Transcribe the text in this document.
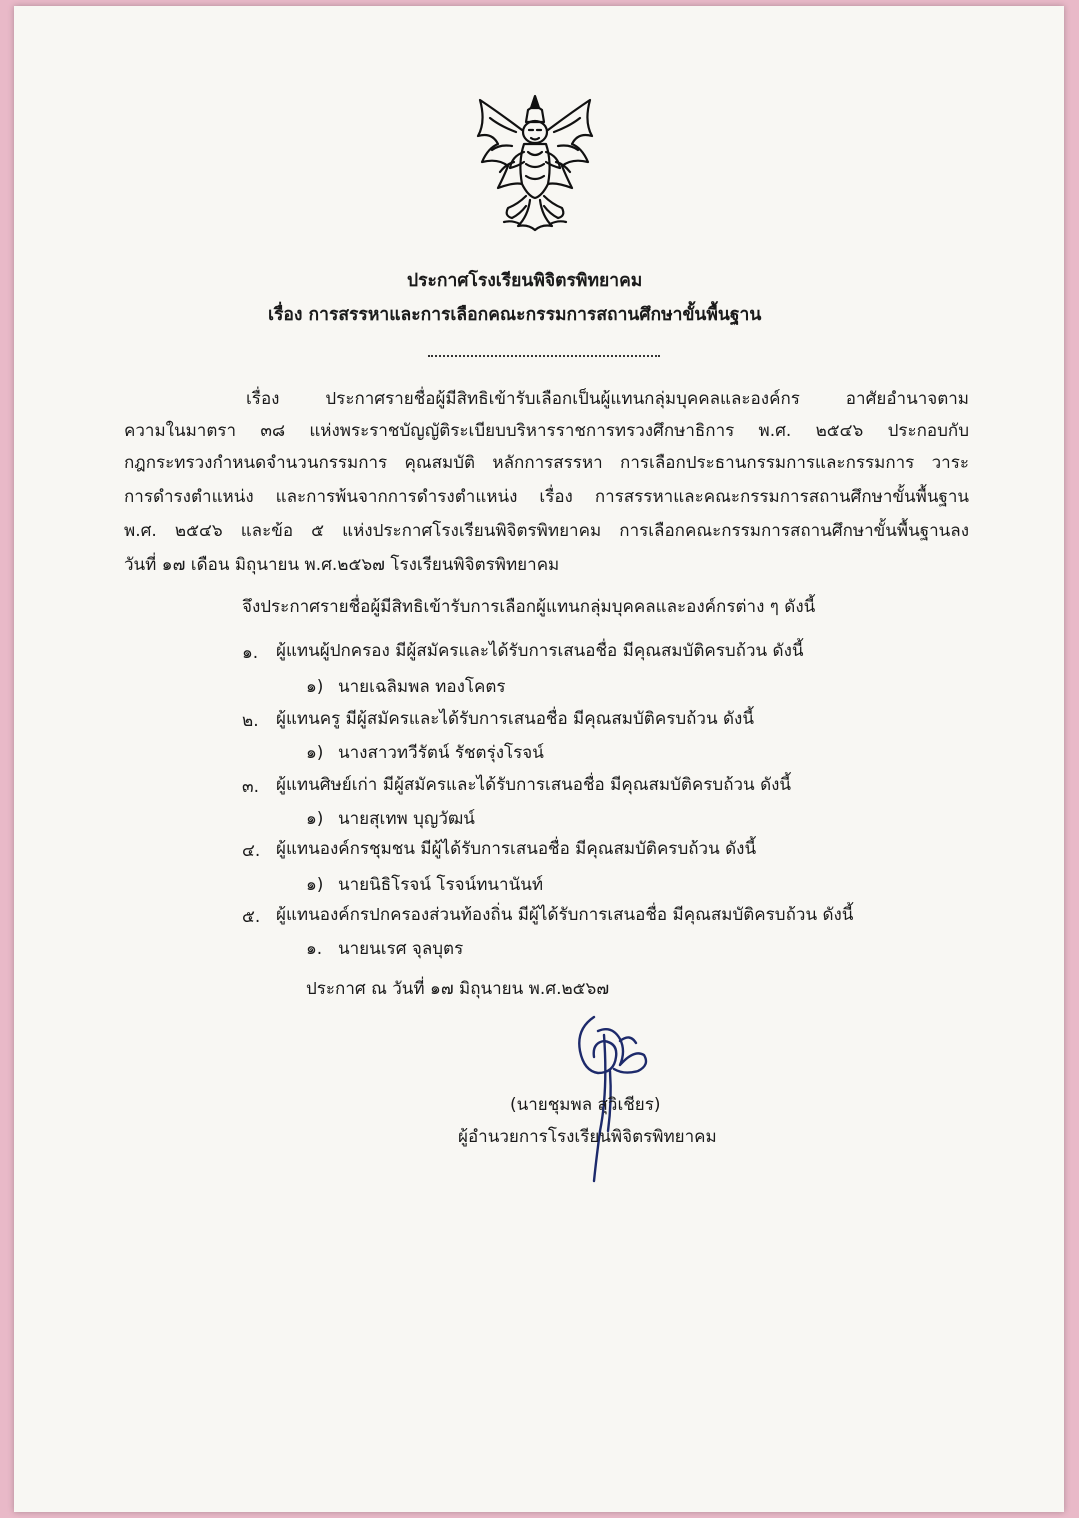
ประกาศโรงเรียนพิจิตรพิทยาคม
เรื่อง การสรรหาและการเลือกคณะกรรมการสถานศึกษาขั้นพื้นฐาน
เรื่อง ประกาศรายชื่อผู้มีสิทธิเข้ารับเลือกเป็นผู้แทนกลุ่มบุคคลและองค์กร อาศัยอำนาจตาม
ความในมาตรา ๓๘ แห่งพระราชบัญญัติระเบียบบริหารราชการทรวงศึกษาธิการ พ.ศ. ๒๕๔๖ ประกอบกับ
กฎกระทรวงกำหนดจำนวนกรรมการ คุณสมบัติ หลักการสรรหา การเลือกประธานกรรมการและกรรมการ วาระ
การดำรงตำแหน่ง และการพ้นจากการดำรงตำแหน่ง เรื่อง การสรรหาและคณะกรรมการสถานศึกษาขั้นพื้นฐาน
พ.ศ. ๒๕๔๖ และข้อ ๕ แห่งประกาศโรงเรียนพิจิตรพิทยาคม การเลือกคณะกรรมการสถานศึกษาขั้นพื้นฐานลง
วันที่ ๑๗ เดือน มิถุนายน พ.ศ.๒๕๖๗ โรงเรียนพิจิตรพิทยาคม
จึงประกาศรายชื่อผู้มีสิทธิเข้ารับการเลือกผู้แทนกลุ่มบุคคลและองค์กรต่าง ๆ ดังนี้
๑. ผู้แทนผู้ปกครอง มีผู้สมัครและได้รับการเสนอชื่อ มีคุณสมบัติครบถ้วน ดังนี้
๑) นายเฉลิมพล ทองโคตร
๒. ผู้แทนครู มีผู้สมัครและได้รับการเสนอชื่อ มีคุณสมบัติครบถ้วน ดังนี้
๑) นางสาวทวีรัตน์ รัชตรุ่งโรจน์
๓. ผู้แทนศิษย์เก่า มีผู้สมัครและได้รับการเสนอชื่อ มีคุณสมบัติครบถ้วน ดังนี้
๑) นายสุเทพ บุญวัฒน์
๔. ผู้แทนองค์กรชุมชน มีผู้ได้รับการเสนอชื่อ มีคุณสมบัติครบถ้วน ดังนี้
๑) นายนิธิโรจน์ โรจน์ทนานันท์
๕. ผู้แทนองค์กรปกครองส่วนท้องถิ่น มีผู้ได้รับการเสนอชื่อ มีคุณสมบัติครบถ้วน ดังนี้
๑. นายนเรศ จุลบุตร
ประกาศ ณ วันที่ ๑๗ มิถุนายน พ.ศ.๒๕๖๗
(นายชุมพล สุวิเชียร)
ผู้อำนวยการโรงเรียนพิจิตรพิทยาคม
